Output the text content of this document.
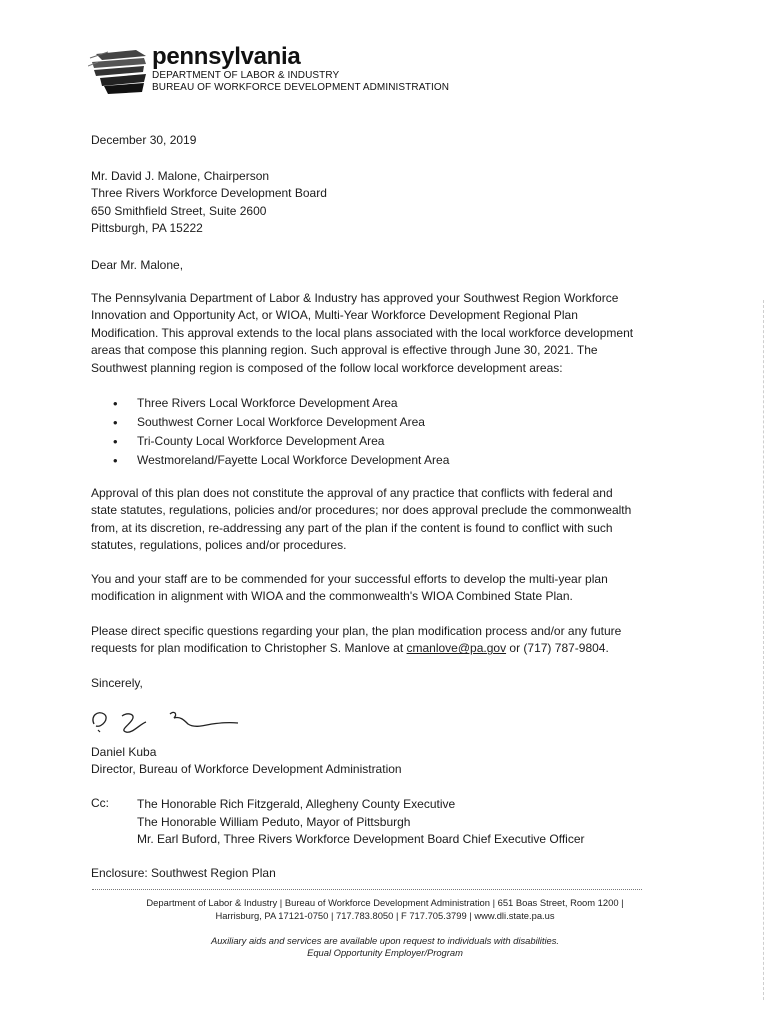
pennsylvania
DEPARTMENT OF LABOR & INDUSTRY
BUREAU OF WORKFORCE DEVELOPMENT ADMINISTRATION
December 30, 2019
Mr. David J. Malone, Chairperson
Three Rivers Workforce Development Board
650 Smithfield Street, Suite 2600
Pittsburgh, PA 15222
Dear Mr. Malone,
The Pennsylvania Department of Labor & Industry has approved your Southwest Region Workforce
Innovation and Opportunity Act, or WIOA, Multi-Year Workforce Development Regional Plan
Modification. This approval extends to the local plans associated with the local workforce development
areas that compose this planning region. Such approval is effective through June 30, 2021. The
Southwest planning region is composed of the follow local workforce development areas:
• Three Rivers Local Workforce Development Area
• Southwest Corner Local Workforce Development Area
• Tri-County Local Workforce Development Area
• Westmoreland/Fayette Local Workforce Development Area
Approval of this plan does not constitute the approval of any practice that conflicts with federal and
state statutes, regulations, policies and/or procedures; nor does approval preclude the commonwealth
from, at its discretion, re-addressing any part of the plan if the content is found to conflict with such
statutes, regulations, polices and/or procedures.
You and your staff are to be commended for your successful efforts to develop the multi-year plan
modification in alignment with WIOA and the commonwealth's WIOA Combined State Plan.
Please direct specific questions regarding your plan, the plan modification process and/or any future
requests for plan modification to Christopher S. Manlove at cmanlove@pa.gov or (717) 787-9804.
Sincerely,
Daniel Kuba
Director, Bureau of Workforce Development Administration
Cc: The Honorable Rich Fitzgerald, Allegheny County Executive
The Honorable William Peduto, Mayor of Pittsburgh
Mr. Earl Buford, Three Rivers Workforce Development Board Chief Executive Officer
Enclosure: Southwest Region Plan
Department of Labor & Industry | Bureau of Workforce Development Administration | 651 Boas Street, Room 1200 |
Harrisburg, PA 17121-0750 | 717.783.8050 | F 717.705.3799 | www.dli.state.pa.us
Auxiliary aids and services are available upon request to individuals with disabilities.
Equal Opportunity Employer/Program
